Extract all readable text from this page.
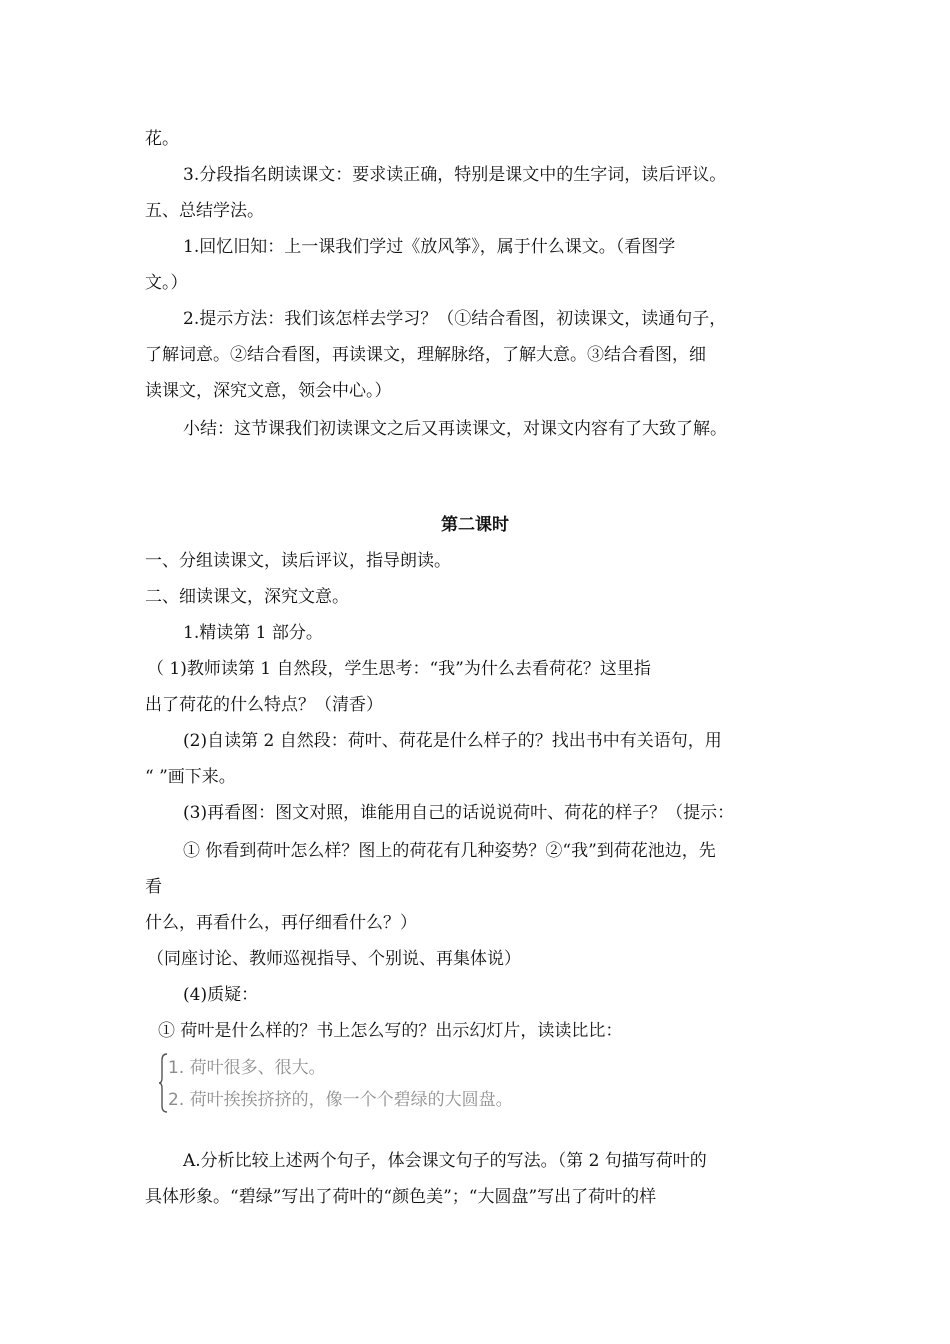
花。
3.分段指名朗读课文：要求读正确，特别是课文中的生字词，读后评议。
五、总结学法。
1.回忆旧知：上一课我们学过《放风筝》，属于什么课文。（看图学
文。）
2.提示方法：我们该怎样去学习？（①结合看图，初读课文，读通句子，
了解词意。②结合看图，再读课文，理解脉络，了解大意。③结合看图，细
读课文，深究文意，领会中心。）
小结：这节课我们初读课文之后又再读课文，对课文内容有了大致了解。
第二课时
一、分组读课文，读后评议，指导朗读。
二、细读课文，深究文意。
1.精读第 1 部分。
（ 1)教师读第 1 自然段，学生思考：“我”为什么去看荷花？这里指
出了荷花的什么特点？（清香）
(2)自读第 2 自然段：荷叶、荷花是什么样子的？找出书中有关语句，用
“ ”画下来。
(3)再看图：图文对照，谁能用自己的话说说荷叶、荷花的样子？（提示：
① 你看到荷叶怎么样？图上的荷花有几种姿势？②“我”到荷花池边，先
看
什么，再看什么，再仔细看什么？）
（同座讨论、教师巡视指导、个别说、再集体说）
(4)质疑：
① 荷叶是什么样的？书上怎么写的？出示幻灯片，读读比比：
1. 荷叶很多、很大。
2. 荷叶挨挨挤挤的，像一个个碧绿的大圆盘。
A.分析比较上述两个句子，体会课文句子的写法。（第 2 句描写荷叶的
具体形象。“碧绿”写出了荷叶的“颜色美”；“大圆盘”写出了荷叶的样
